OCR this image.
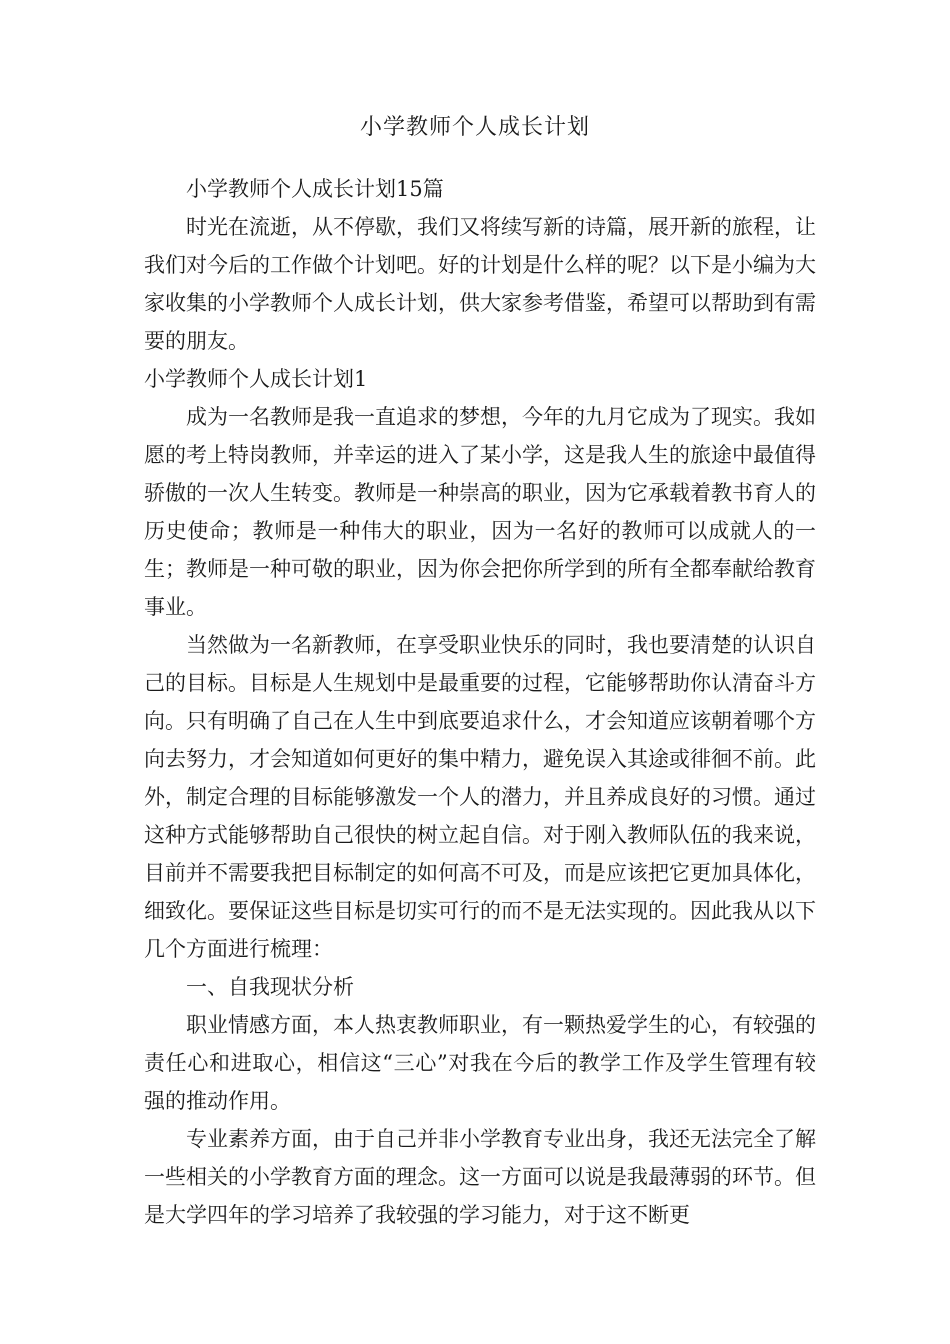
小学教师个人成长计划

小学教师个人成长计划15篇

时光在流逝，从不停歇，我们又将续写新的诗篇，展开新的旅程，让我们对今后的工作做个计划吧。好的计划是什么样的呢？以下是小编为大家收集的小学教师个人成长计划，供大家参考借鉴，希望可以帮助到有需要的朋友。

小学教师个人成长计划1

成为一名教师是我一直追求的梦想，今年的九月它成为了现实。我如愿的考上特岗教师，并幸运的进入了某小学，这是我人生的旅途中最值得骄傲的一次人生转变。教师是一种崇高的职业，因为它承载着教书育人的历史使命；教师是一种伟大的职业，因为一名好的教师可以成就人的一生；教师是一种可敬的职业，因为你会把你所学到的所有全都奉献给教育事业。

当然做为一名新教师，在享受职业快乐的同时，我也要清楚的认识自己的目标。目标是人生规划中是最重要的过程，它能够帮助你认清奋斗方向。只有明确了自己在人生中到底要追求什么，才会知道应该朝着哪个方向去努力，才会知道如何更好的集中精力，避免误入其途或徘徊不前。此外，制定合理的目标能够激发一个人的潜力，并且养成良好的习惯。通过这种方式能够帮助自己很快的树立起自信。对于刚入教师队伍的我来说，目前并不需要我把目标制定的如何高不可及，而是应该把它更加具体化，细致化。要保证这些目标是切实可行的而不是无法实现的。因此我从以下几个方面进行梳理：

一、自我现状分析

职业情感方面，本人热衷教师职业，有一颗热爱学生的心，有较强的责任心和进取心，相信这“三心”对我在今后的教学工作及学生管理有较强的推动作用。

专业素养方面，由于自己并非小学教育专业出身，我还无法完全了解一些相关的小学教育方面的理念。这一方面可以说是我最薄弱的环节。但是大学四年的学习培养了我较强的学习能力，对于这不断更
